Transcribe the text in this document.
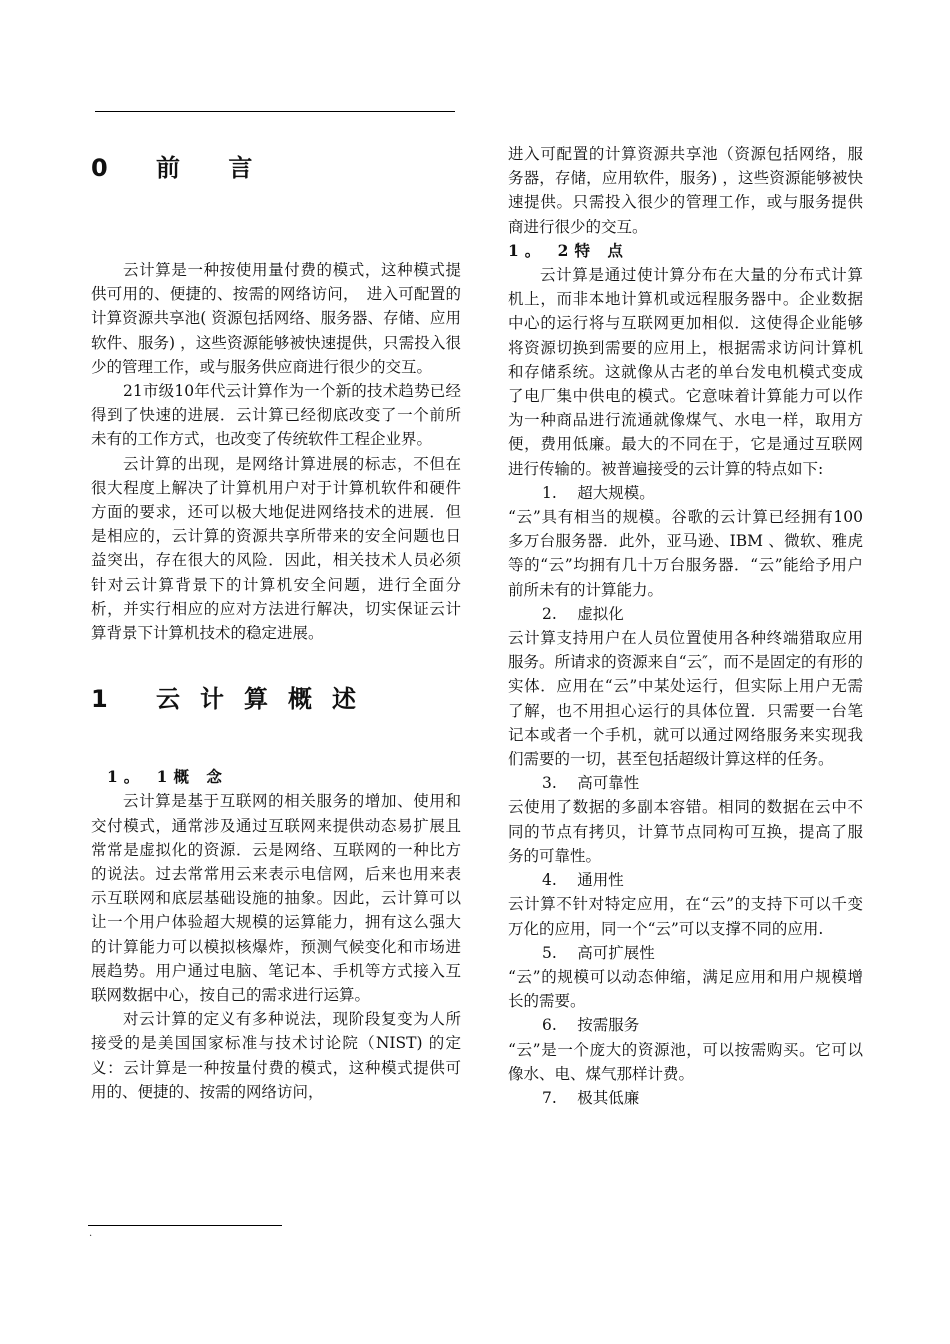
0 前 言

云计算是一种按使用量付费的模式，这种模式提供可用的、便捷的、按需的网络访问，　进入可配置的计算资源共享池( 资源包括网络、服务器、存储、应用软件、服务) ，这些资源能够被快速提供，只需投入很少的管理工作，或与服务供应商进行很少的交互。

21市级10年代云计算作为一个新的技术趋势已经得到了快速的进展．云计算已经彻底改变了一个前所未有的工作方式，也改变了传统软件工程企业界。

云计算的出现，是网络计算进展的标志，不但在很大程度上解决了计算机用户对于计算机软件和硬件方面的要求，还可以极大地促进网络技术的进展．但是相应的，云计算的资源共享所带来的安全问题也日益突出，存在很大的风险．因此，相关技术人员必须针对云计算背景下的计算机安全问题，进行全面分析，并实行相应的应对方法进行解决，切实保证云计算背景下计算机技术的稳定进展。

1 云计算概述
1。 1概 念

云计算是基于互联网的相关服务的增加、使用和交付模式，通常涉及通过互联网来提供动态易扩展且常常是虚拟化的资源．云是网络、互联网的一种比方的说法。过去常常用云来表示电信网，后来也用来表示互联网和底层基础设施的抽象。因此，云计算可以让一个用户体验超大规模的运算能力，拥有这么强大的计算能力可以模拟核爆炸，预测气候变化和市场进展趋势。用户通过电脑、笔记本、手机等方式接入互联网数据中心，按自己的需求进行运算。

对云计算的定义有多种说法，现阶段复变为人所接受的是美国国家标准与技术讨论院（NIST) 的定义：云计算是一种按量付费的模式，这种模式提供可用的、便捷的、按需的网络访问，

进入可配置的计算资源共享池（资源包括网络，服务器，存储，应用软件，服务) ，这些资源能够被快速提供。只需投入很少的管理工作，或与服务提供商进行很少的交互。

1。 2特 点

云计算是通过使计算分布在大量的分布式计算机上，而非本地计算机或远程服务器中。企业数据中心的运行将与互联网更加相似．这使得企业能够将资源切换到需要的应用上，根据需求访问计算机和存储系统。这就像从古老的单台发电机模式变成了电厂集中供电的模式。它意味着计算能力可以作为一种商品进行流通就像煤气、水电一样，取用方便，费用低廉。最大的不同在于，它是通过互联网进行传输的。被普遍接受的云计算的特点如下:

1.　 超大规模。

“云”具有相当的规模。谷歌的云计算已经拥有100 多万台服务器．此外，亚马逊、IBM 、微软、雅虎等的“云”均拥有几十万台服务器．“云”能给予用户前所未有的计算能力。

2.　 虚拟化

云计算支持用户在人员位置使用各种终端猎取应用服务。所请求的资源来自“云″，而不是固定的有形的实体．应用在“云”中某处运行，但实际上用户无需了解，也不用担心运行的具体位置．只需要一台笔记本或者一个手机，就可以通过网络服务来实现我们需要的一切，甚至包括超级计算这样的任务。

3.　 高可靠性

云使用了数据的多副本容错。相同的数据在云中不同的节点有拷贝，计算节点同构可互换，提高了服务的可靠性。

4.　 通用性

云计算不针对特定应用，在“云”的支持下可以千变万化的应用，同一个“云”可以支撑不同的应用.

5.　 高可扩展性

“云”的规模可以动态伸缩，满足应用和用户规模增长的需要。

6.　 按需服务

“云”是一个庞大的资源池，可以按需购买。它可以像水、电、煤气那样计费。

7.　 极其低廉

.
